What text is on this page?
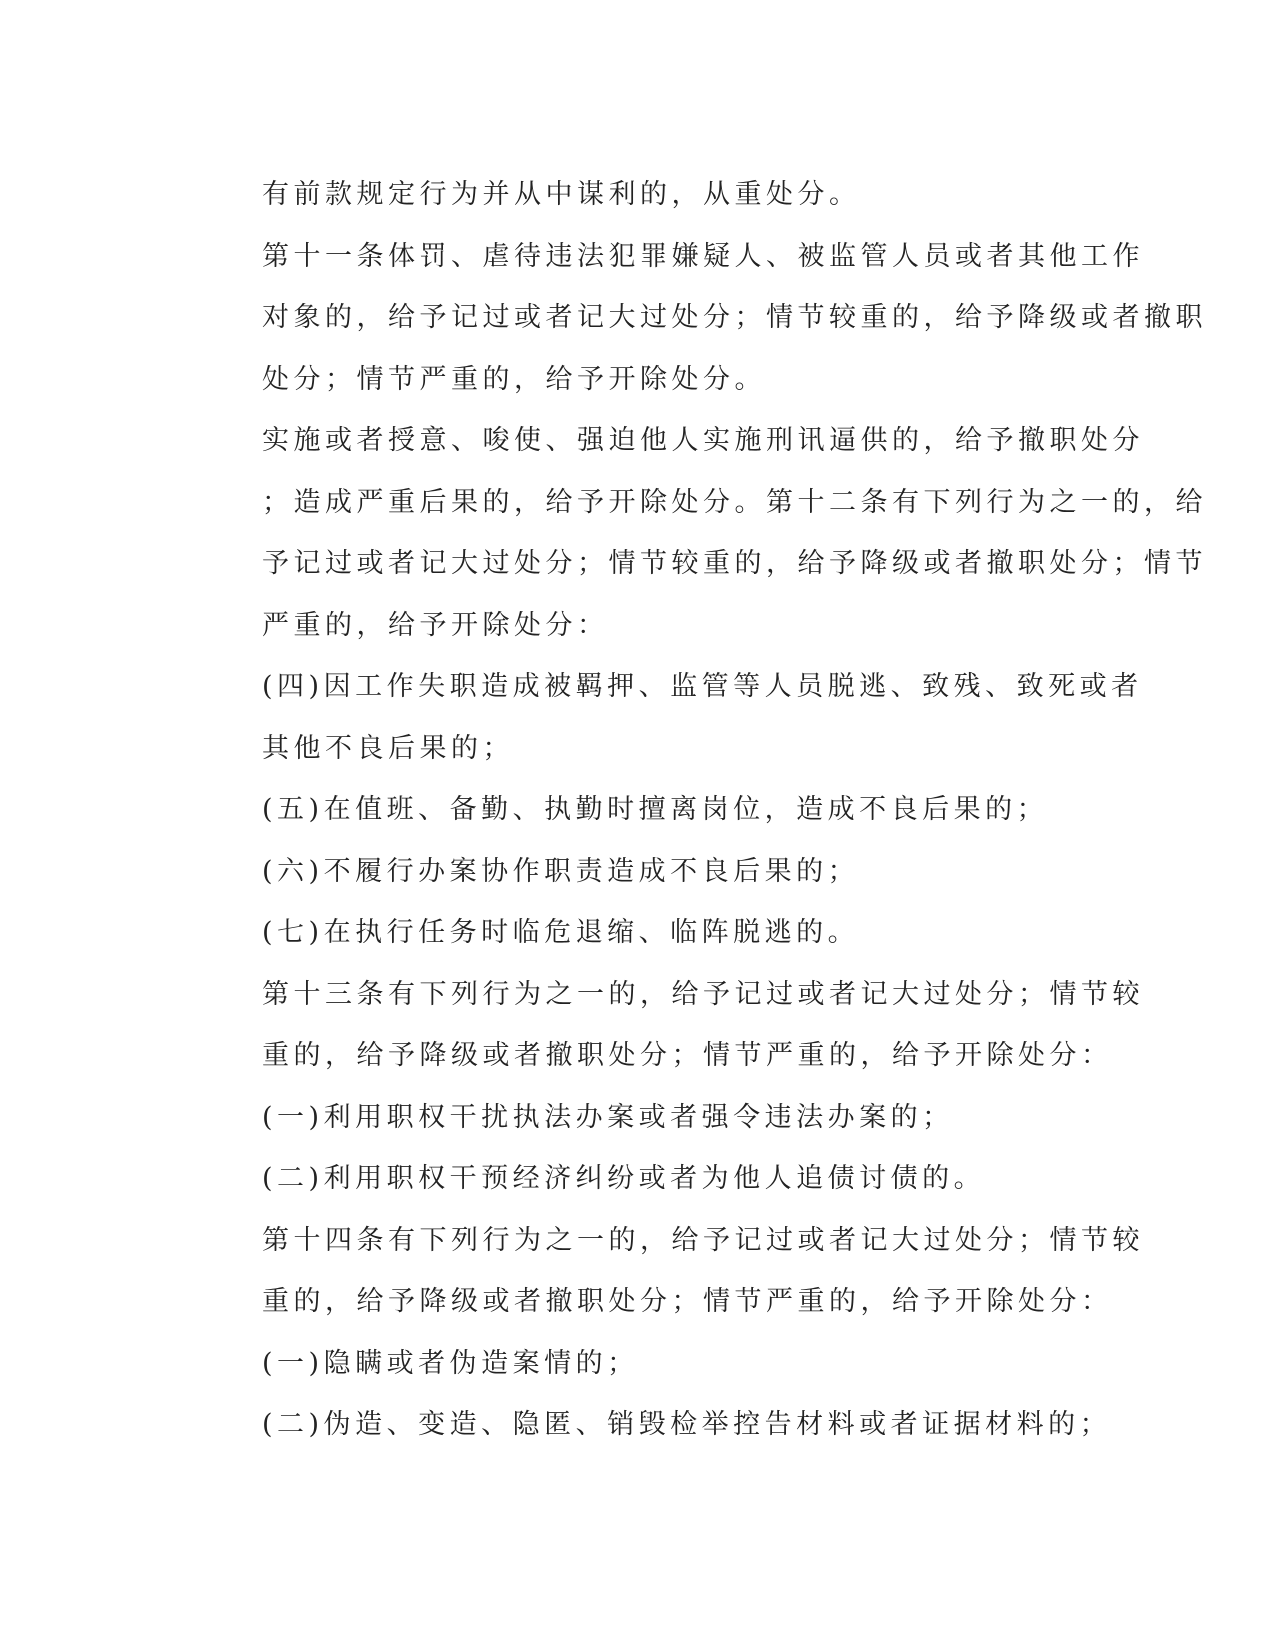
有前款规定行为并从中谋利的，从重处分。

第十一条体罚、虐待违法犯罪嫌疑人、被监管人员或者其他工作
对象的，给予记过或者记大过处分；情节较重的，给予降级或者撤职
处分；情节严重的，给予开除处分。

实施或者授意、唆使、强迫他人实施刑讯逼供的，给予撤职处分
；造成严重后果的，给予开除处分。第十二条有下列行为之一的，给
予记过或者记大过处分；情节较重的，给予降级或者撤职处分；情节
严重的，给予开除处分：

(四)因工作失职造成被羁押、监管等人员脱逃、致残、致死或者
其他不良后果的；

(五)在值班、备勤、执勤时擅离岗位，造成不良后果的；

(六)不履行办案协作职责造成不良后果的；

(七)在执行任务时临危退缩、临阵脱逃的。

第十三条有下列行为之一的，给予记过或者记大过处分；情节较
重的，给予降级或者撤职处分；情节严重的，给予开除处分：

(一)利用职权干扰执法办案或者强令违法办案的；

(二)利用职权干预经济纠纷或者为他人追债讨债的。

第十四条有下列行为之一的，给予记过或者记大过处分；情节较
重的，给予降级或者撤职处分；情节严重的，给予开除处分：

(一)隐瞒或者伪造案情的；

(二)伪造、变造、隐匿、销毁检举控告材料或者证据材料的；
